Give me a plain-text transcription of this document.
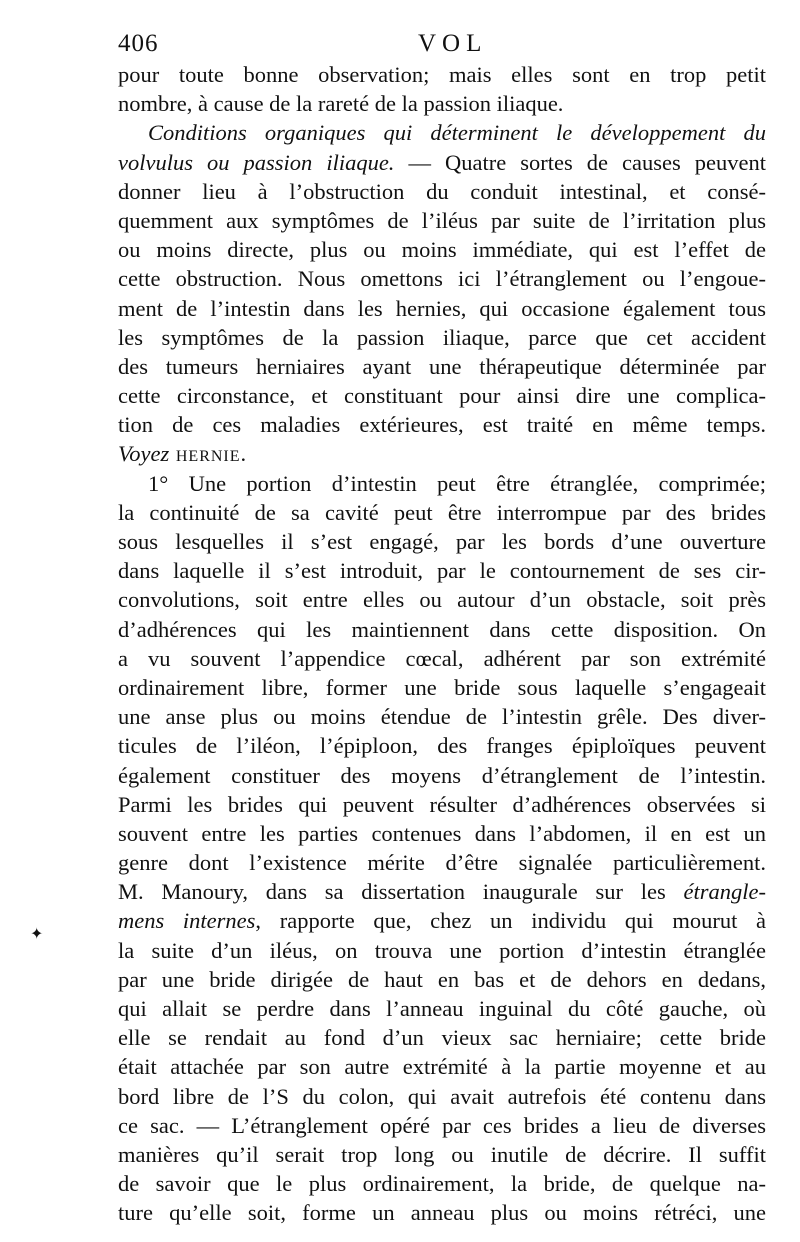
406	VOL
✦
pour toute bonne observation; mais elles sont en trop petit
nombre, à cause de la rareté de la passion iliaque.
Conditions organiques qui déterminent le développement du
volvulus ou passion iliaque. — Quatre sortes de causes peuvent
donner lieu à l’obstruction du conduit intestinal, et consé-
quemment aux symptômes de l’iléus par suite de l’irritation plus
ou moins directe, plus ou moins immédiate, qui est l’effet de
cette obstruction. Nous omettons ici l’étranglement ou l’engoue-
ment de l’intestin dans les hernies, qui occasione également tous
les symptômes de la passion iliaque, parce que cet accident
des tumeurs herniaires ayant une thérapeutique déterminée par
cette circonstance, et constituant pour ainsi dire une complica-
tion de ces maladies extérieures, est traité en même temps.
Voyez hernie.
1° Une portion d’intestin peut être étranglée, comprimée;
la continuité de sa cavité peut être interrompue par des brides
sous lesquelles il s’est engagé, par les bords d’une ouverture
dans laquelle il s’est introduit, par le contournement de ses cir-
convolutions, soit entre elles ou autour d’un obstacle, soit près
d’adhérences qui les maintiennent dans cette disposition. On
a vu souvent l’appendice cœcal, adhérent par son extrémité
ordinairement libre, former une bride sous laquelle s’engageait
une anse plus ou moins étendue de l’intestin grêle. Des diver-
ticules de l’iléon, l’épiploon, des franges épiploïques peuvent
également constituer des moyens d’étranglement de l’intestin.
Parmi les brides qui peuvent résulter d’adhérences observées si
souvent entre les parties contenues dans l’abdomen, il en est un
genre dont l’existence mérite d’être signalée particulièrement.
M. Manoury, dans sa dissertation inaugurale sur les étrangle-
mens internes, rapporte que, chez un individu qui mourut à
la suite d’un iléus, on trouva une portion d’intestin étranglée
par une bride dirigée de haut en bas et de dehors en dedans,
qui allait se perdre dans l’anneau inguinal du côté gauche, où
elle se rendait au fond d’un vieux sac herniaire; cette bride
était attachée par son autre extrémité à la partie moyenne et au
bord libre de l’S du colon, qui avait autrefois été contenu dans
ce sac. — L’étranglement opéré par ces brides a lieu de diverses
manières qu’il serait trop long ou inutile de décrire. Il suffit
de savoir que le plus ordinairement, la bride, de quelque na-
ture qu’elle soit, forme un anneau plus ou moins rétréci, une
